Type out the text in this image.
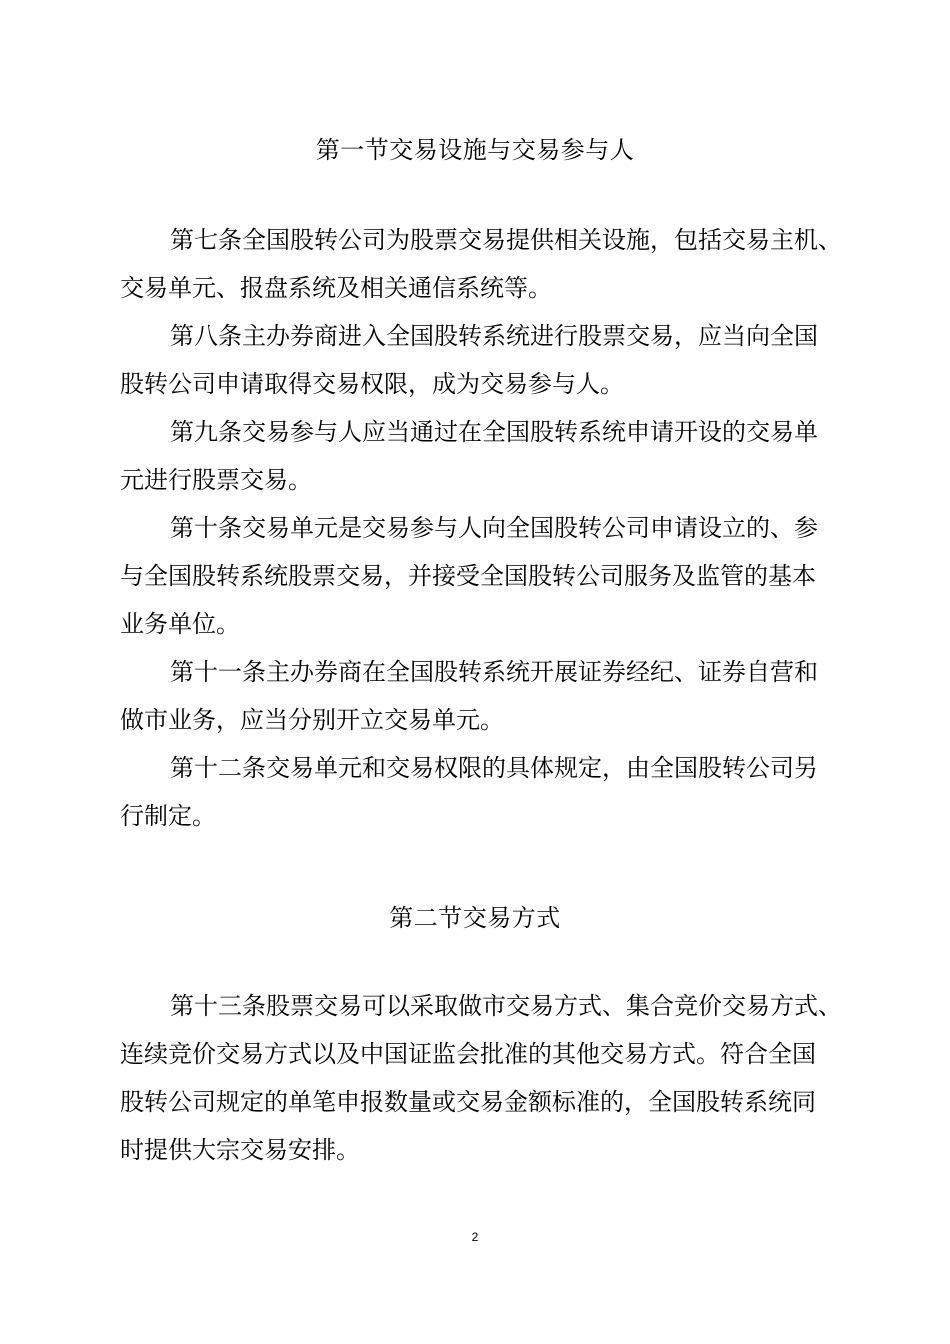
第一节交易设施与交易参与人
第七条全国股转公司为股票交易提供相关设施，包括交易主机、
交易单元、报盘系统及相关通信系统等。
第八条主办券商进入全国股转系统进行股票交易，应当向全国
股转公司申请取得交易权限，成为交易参与人。
第九条交易参与人应当通过在全国股转系统申请开设的交易单
元进行股票交易。
第十条交易单元是交易参与人向全国股转公司申请设立的、参
与全国股转系统股票交易，并接受全国股转公司服务及监管的基本
业务单位。
第十一条主办券商在全国股转系统开展证券经纪、证券自营和
做市业务，应当分别开立交易单元。
第十二条交易单元和交易权限的具体规定，由全国股转公司另
行制定。
第二节交易方式
第十三条股票交易可以采取做市交易方式、集合竞价交易方式、
连续竞价交易方式以及中国证监会批准的其他交易方式。符合全国
股转公司规定的单笔申报数量或交易金额标准的，全国股转系统同
时提供大宗交易安排。
2
